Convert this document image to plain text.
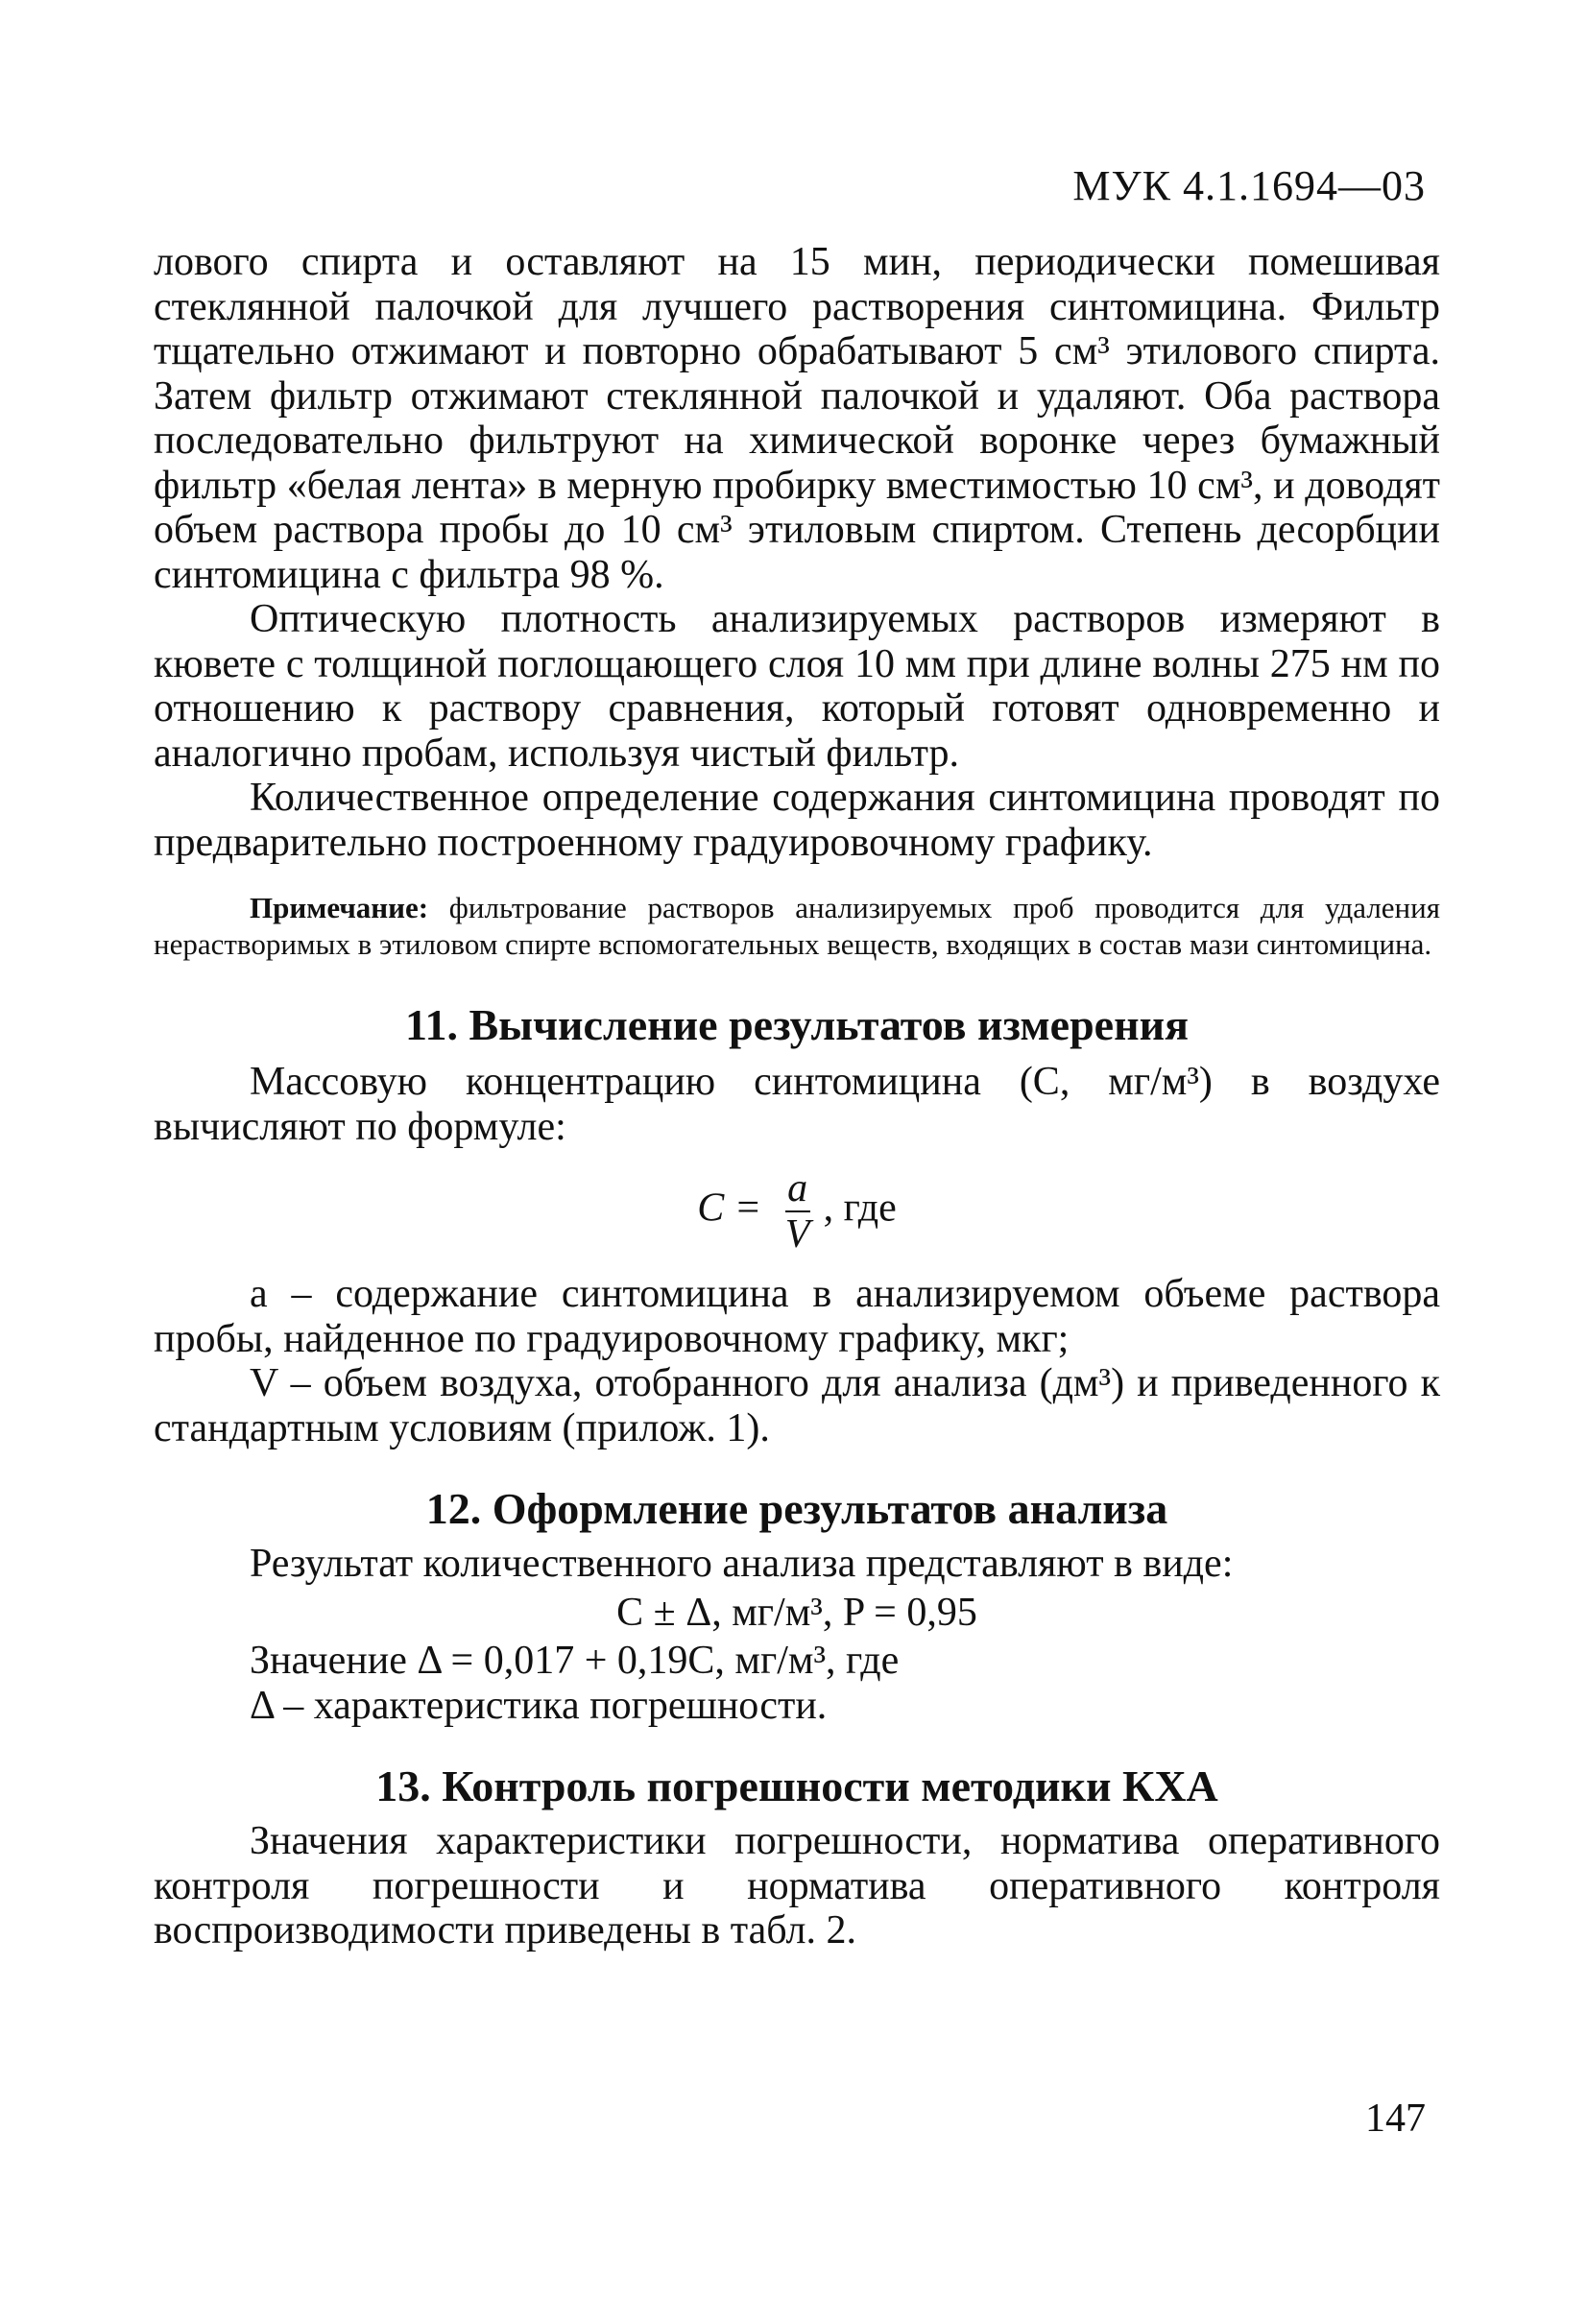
МУК 4.1.1694—03

лового спирта и оставляют на 15 мин, периодически помешивая стеклянной палочкой для лучшего растворения синтомицина. Фильтр тщательно отжимают и повторно обрабатывают 5 см³ этилового спирта. Затем фильтр отжимают стеклянной палочкой и удаляют. Оба раствора последовательно фильтруют на химической воронке через бумажный фильтр «белая лента» в мерную пробирку вместимостью 10 см³, и доводят объем раствора пробы до 10 см³ этиловым спиртом. Степень десорбции синтомицина с фильтра 98 %.

Оптическую плотность анализируемых растворов измеряют в кювете с толщиной поглощающего слоя 10 мм при длине волны 275 нм по отношению к раствору сравнения, который готовят одновременно и аналогично пробам, используя чистый фильтр.

Количественное определение содержания синтомицина проводят по предварительно построенному градуировочному графику.

Примечание: фильтрование растворов анализируемых проб проводится для удаления нерастворимых в этиловом спирте вспомогательных веществ, входящих в состав мази синтомицина.

11. Вычисление результатов измерения

Массовую концентрацию синтомицина (C, мг/м³) в воздухе вычисляют по формуле:

$C = \frac{a}{V}$ , где

a – содержание синтомицина в анализируемом объеме раствора пробы, найденное по градуировочному графику, мкг;

V – объем воздуха, отобранного для анализа (дм³) и приведенного к стандартным условиям (прилож. 1).

12. Оформление результатов анализа

Результат количественного анализа представляют в виде:

C ± Δ, мг/м³, P = 0,95

Значение Δ = 0,017 + 0,19C, мг/м³, где

Δ – характеристика погрешности.

13. Контроль погрешности методики КХА

Значения характеристики погрешности, норматива оперативного контроля погрешности и норматива оперативного контроля воспроизводимости приведены в табл. 2.

147
